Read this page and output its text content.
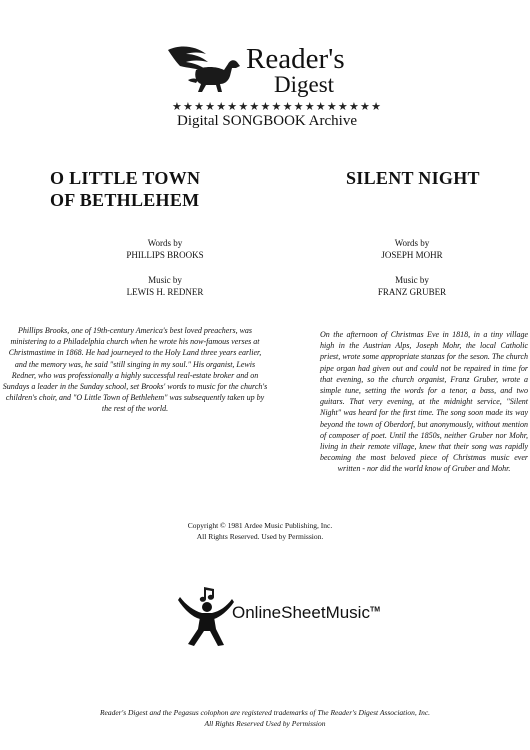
Reader's
Digest
★★★★★★★★★★★★★★★★★★★
Digital SONGBOOK Archive
O LITTLE TOWN
OF BETHLEHEM
Words by
PHILLIPS BROOKS
Music by
LEWIS H. REDNER
Phillips Brooks, one of 19th-century America's best loved preachers, was ministering to a Philadelphia church when he wrote his now-famous verses at Christmastime in 1868. He had journeyed to the Holy Land three years earlier, and the memory was, he said "still singing in my soul." His organist, Lewis Redner, who was professionally a highly successful real-estate broker and on Sundays a leader in the Sunday school, set Brooks' words to music for the church's children's choir, and "O Little Town of Bethlehem" was subsequently taken up by the rest of the world.
SILENT NIGHT
Words by
JOSEPH MOHR
Music by
FRANZ GRUBER
On the afternoon of Christmas Eve in 1818, in a tiny village high in the Austrian Alps, Joseph Mohr, the local Catholic priest, wrote some appropriate stanzas for the seson. The church pipe organ had given out and could not be repaired in time for that evening, so the church organist, Franz Gruber, wrote a simple tune, setting the words for a tenor, a bass, and two guitars. That very evening, at the midnight service, "Silent Night" was heard for the first time. The song soon made its way beyond the town of Oberdorf, but anonymously, without mention of composer of poet. Until the 1850s, neither Gruber nor Mohr, living in their remote village, knew that their song was rapidly becoming the most beloved piece of Christmas music ever written - nor did the world know of Gruber and Mohr.
Copyright © 1981 Ardee Music Publishing, Inc.
All Rights Reserved. Used by Permission.
OnlineSheetMusic™
Reader's Digest and the Pegasus colophon are registered trademarks of The Reader's Digest Association, Inc.
All Rights Reserved Used by Permission
